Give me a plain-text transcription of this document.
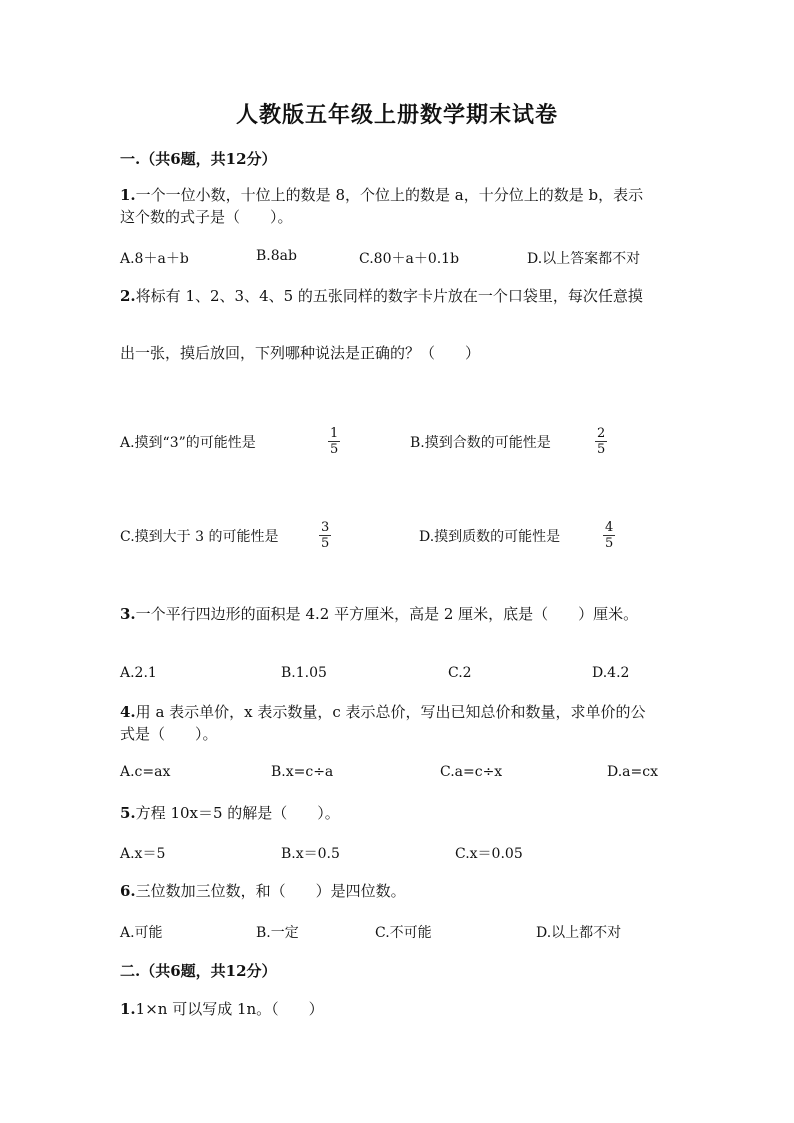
人教版五年级上册数学期末试卷
一.（共6题，共12分）
1.一个一位小数，十位上的数是 8，个位上的数是 a，十分位上的数是 b，表示
这个数的式子是（　　）。
A.8＋a＋b	B.8ab	C.80＋a＋0.1b	D.以上答案都不对
2.将标有 1、2、3、4、5 的五张同样的数字卡片放在一个口袋里，每次任意摸
出一张，摸后放回，下列哪种说法是正确的？（　　）
A.摸到“3”的可能性是	$\frac{1}{5}$	B.摸到合数的可能性是	$\frac{2}{5}$
C.摸到大于 3 的可能性是	$\frac{3}{5}$	D.摸到质数的可能性是	$\frac{4}{5}$
3.一个平行四边形的面积是 4.2 平方厘米，高是 2 厘米，底是（　　）厘米。
A.2.1	B.1.05	C.2	D.4.2
4.用 a 表示单价，x 表示数量，c 表示总价，写出已知总价和数量，求单价的公
式是（　　）。
A.c=ax	B.x=c÷a	C.a=c÷x	D.a=cx
5.方程 10x＝5 的解是（　　）。
A.x＝5	B.x＝0.5	C.x＝0.05
6.三位数加三位数，和（　　）是四位数。
A.可能	B.一定	C.不可能	D.以上都不对
二.（共6题，共12分）
1.1×n 可以写成 1n。（　　）
